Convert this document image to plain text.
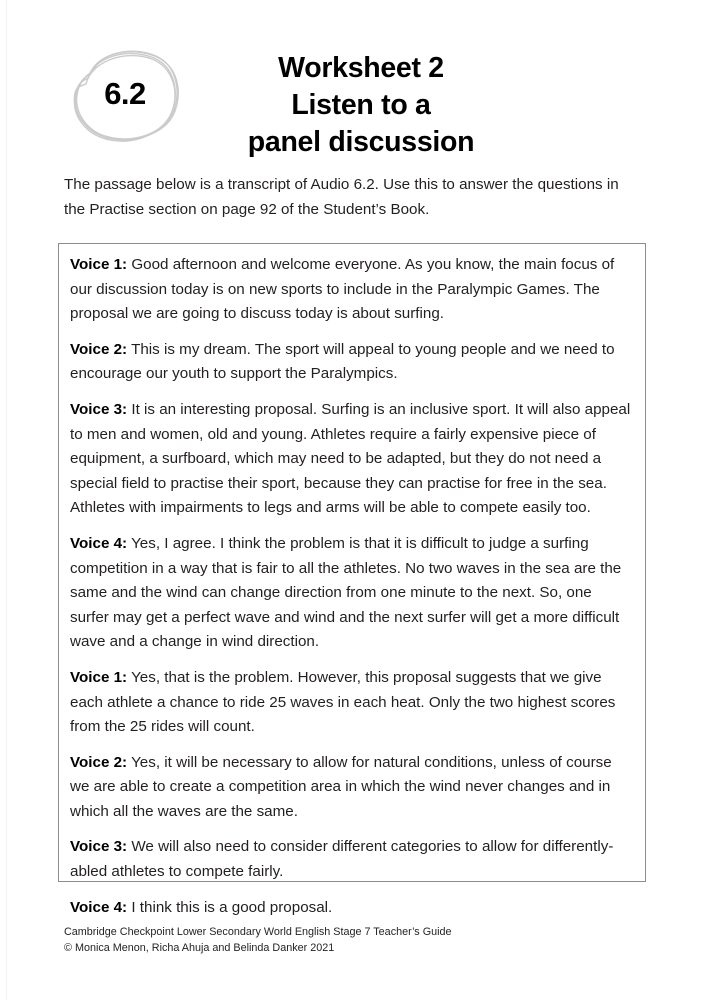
6.2
Worksheet 2
Listen to a
panel discussion
The passage below is a transcript of Audio 6.2. Use this to answer the questions in the Practise section on page 92 of the Student’s Book.

Voice 1: Good afternoon and welcome everyone. As you know, the main focus of our discussion today is on new sports to include in the Paralympic Games. The proposal we are going to discuss today is about surfing.

Voice 2: This is my dream. The sport will appeal to young people and we need to encourage our youth to support the Paralympics.

Voice 3: It is an interesting proposal. Surfing is an inclusive sport. It will also appeal to men and women, old and young. Athletes require a fairly expensive piece of equipment, a surfboard, which may need to be adapted, but they do not need a special field to practise their sport, because they can practise for free in the sea. Athletes with impairments to legs and arms will be able to compete easily too.

Voice 4: Yes, I agree. I think the problem is that it is difficult to judge a surfing competition in a way that is fair to all the athletes. No two waves in the sea are the same and the wind can change direction from one minute to the next. So, one surfer may get a perfect wave and wind and the next surfer will get a more difficult wave and a change in wind direction.

Voice 1: Yes, that is the problem. However, this proposal suggests that we give each athlete a chance to ride 25 waves in each heat. Only the two highest scores from the 25 rides will count.

Voice 2: Yes, it will be necessary to allow for natural conditions, unless of course we are able to create a competition area in which the wind never changes and in which all the waves are the same.

Voice 3: We will also need to consider different categories to allow for differently-abled athletes to compete fairly.

Voice 4: I think this is a good proposal.

Cambridge Checkpoint Lower Secondary World English Stage 7 Teacher’s Guide
© Monica Menon, Richa Ahuja and Belinda Danker 2021
